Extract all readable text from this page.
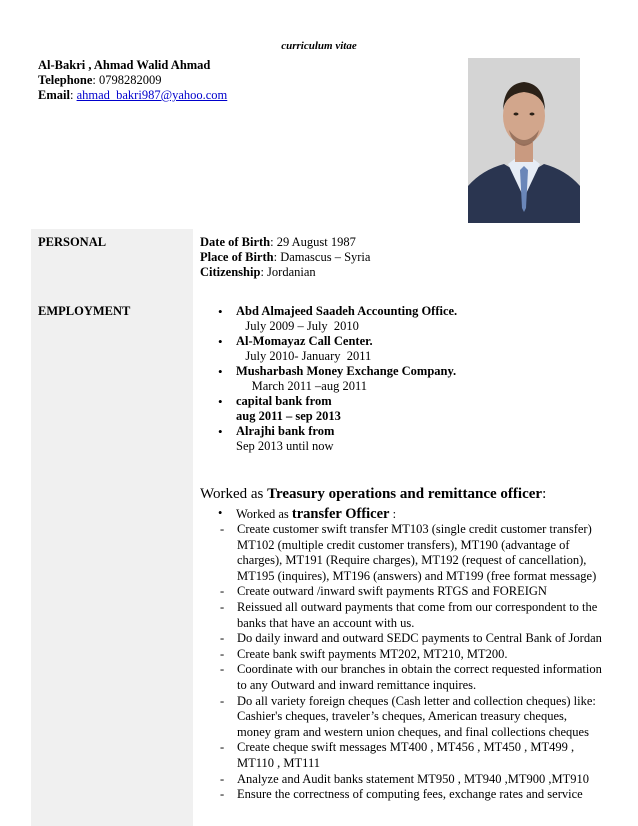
curriculum vitae
Al-Bakri , Ahmad Walid Ahmad
Telephone: 0798282009
Email: ahmad_bakri987@yahoo.com
PERSONAL	Date of Birth: 29 August 1987
Place of Birth: Damascus – Syria
Citizenship: Jordanian
EMPLOYMENT
•	Abd Almajeed Saadeh Accounting Office.
July 2009 – July  2010
• Al-Momayaz Call Center.
July 2010- January  2011
• Musharbash Money Exchange Company.
March 2011 –aug 2011
• capital bank from
aug 2011 – sep 2013
• Alrajhi bank from
Sep 2013 until now
Worked as Treasury operations and remittance officer:
• Worked as transfer Officer :
- Create customer swift transfer MT103 (single credit customer transfer) MT102 (multiple credit customer transfers), MT190 (advantage of charges), MT191 (Require charges), MT192 (request of cancellation), MT195 (inquires), MT196 (answers) and MT199 (free format message)
- Create outward /inward swift payments RTGS and FOREIGN
- Reissued all outward payments that come from our correspondent to the banks that have an account with us.
- Do daily inward and outward SEDC payments to Central Bank of Jordan
- Create bank swift payments MT202, MT210, MT200.
- Coordinate with our branches in obtain the correct requested information to any Outward and inward remittance inquires.
- Do all variety foreign cheques (Cash letter and collection cheques) like: Cashier's cheques, traveler’s cheques, American treasury cheques, money gram and western union cheques, and final collections cheques
- Create cheque swift messages MT400 , MT456 , MT450 , MT499 , MT110 , MT111
- Analyze and Audit banks statement MT950 , MT940 ,MT900 ,MT910
- Ensure the correctness of computing fees, exchange rates and service
